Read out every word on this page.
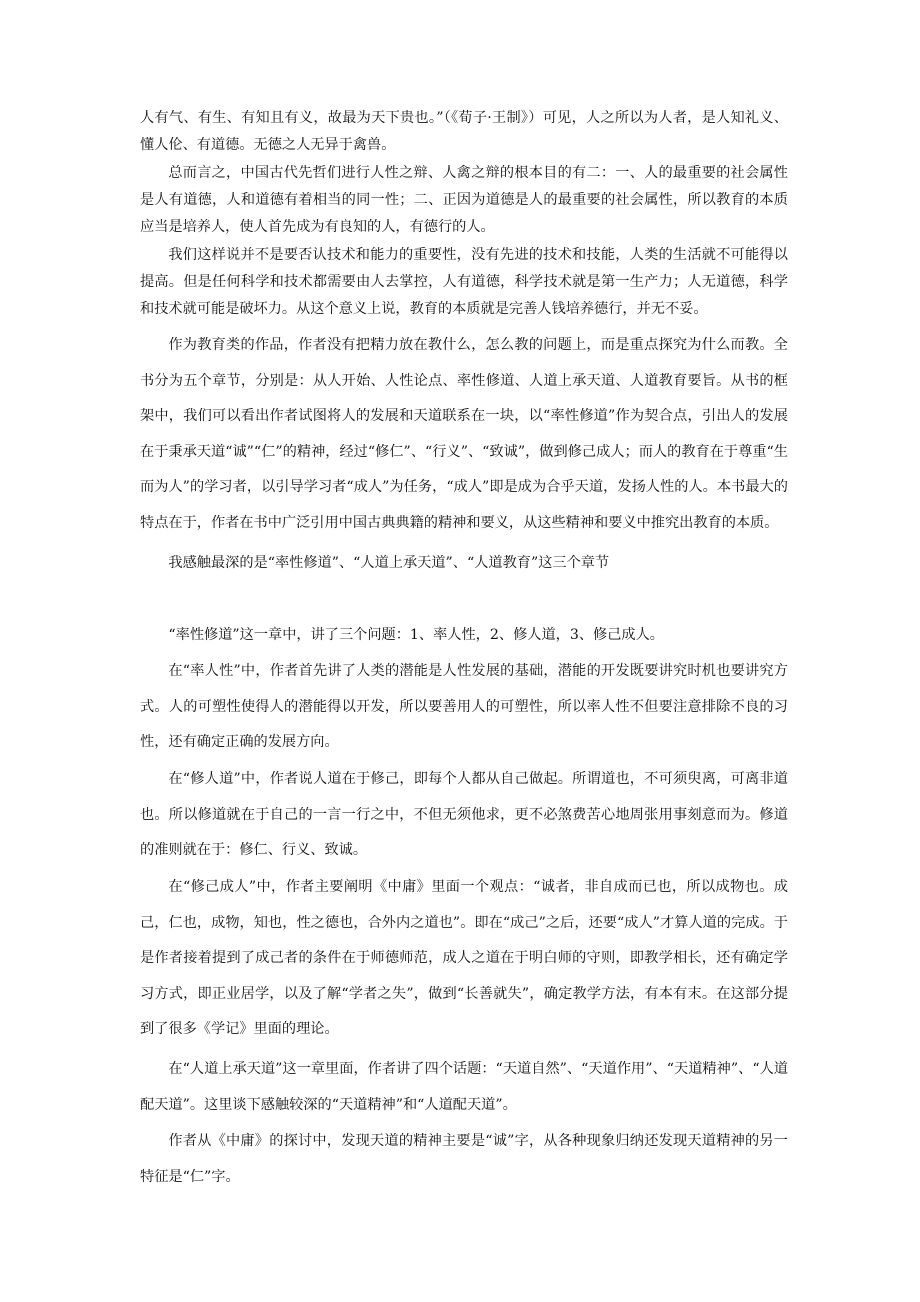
人有气、有生、有知且有义，故最为天下贵也。”（《荀子·王制》）可见，人之所以为人者，是人知礼义、懂人伦、有道德。无德之人无异于禽兽。

总而言之，中国古代先哲们进行人性之辩、人禽之辩的根本目的有二：一、人的最重要的社会属性是人有道德，人和道德有着相当的同一性；二、正因为道德是人的最重要的社会属性，所以教育的本质应当是培养人，使人首先成为有良知的人，有德行的人。

我们这样说并不是要否认技术和能力的重要性，没有先进的技术和技能，人类的生活就不可能得以提高。但是任何科学和技术都需要由人去掌控，人有道德，科学技术就是第一生产力；人无道德，科学和技术就可能是破坏力。从这个意义上说，教育的本质就是完善人钱培养德行，并无不妥。

作为教育类的作品，作者没有把精力放在教什么，怎么教的问题上，而是重点探究为什么而教。全书分为五个章节，分别是：从人开始、人性论点、率性修道、人道上承天道、人道教育要旨。从书的框架中，我们可以看出作者试图将人的发展和天道联系在一块，以“率性修道”作为契合点，引出人的发展在于秉承天道“诚”“仁”的精神，经过“修仁”、“行义”、“致诚”，做到修己成人；而人的教育在于尊重“生而为人”的学习者，以引导学习者“成人”为任务，“成人”即是成为合乎天道，发扬人性的人。本书最大的特点在于，作者在书中广泛引用中国古典典籍的精神和要义，从这些精神和要义中推究出教育的本质。

我感触最深的是“率性修道”、“人道上承天道”、“人道教育”这三个章节

“率性修道”这一章中，讲了三个问题：1、率人性，2、修人道，3、修己成人。

在“率人性”中，作者首先讲了人类的潜能是人性发展的基础，潜能的开发既要讲究时机也要讲究方式。人的可塑性使得人的潜能得以开发，所以要善用人的可塑性，所以率人性不但要注意排除不良的习性，还有确定正确的发展方向。

在“修人道”中，作者说人道在于修己，即每个人都从自己做起。所谓道也，不可须臾离，可离非道也。所以修道就在于自己的一言一行之中，不但无须他求，更不必煞费苦心地周张用事刻意而为。修道的准则就在于：修仁、行义、致诚。

在“修己成人”中，作者主要阐明《中庸》里面一个观点：“诚者，非自成而已也，所以成物也。成己，仁也，成物，知也，性之德也，合外内之道也”。即在“成己”之后，还要“成人”才算人道的完成。于是作者接着提到了成己者的条件在于师德师范，成人之道在于明白师的守则，即教学相长，还有确定学习方式，即正业居学，以及了解“学者之失”，做到“长善就失”，确定教学方法，有本有末。在这部分提到了很多《学记》里面的理论。

在“人道上承天道”这一章里面，作者讲了四个话题：“天道自然”、“天道作用”、“天道精神”、“人道配天道”。这里谈下感触较深的“天道精神”和“人道配天道”。

作者从《中庸》的探讨中，发现天道的精神主要是“诚”字，从各种现象归纳还发现天道精神的另一特征是“仁”字。
